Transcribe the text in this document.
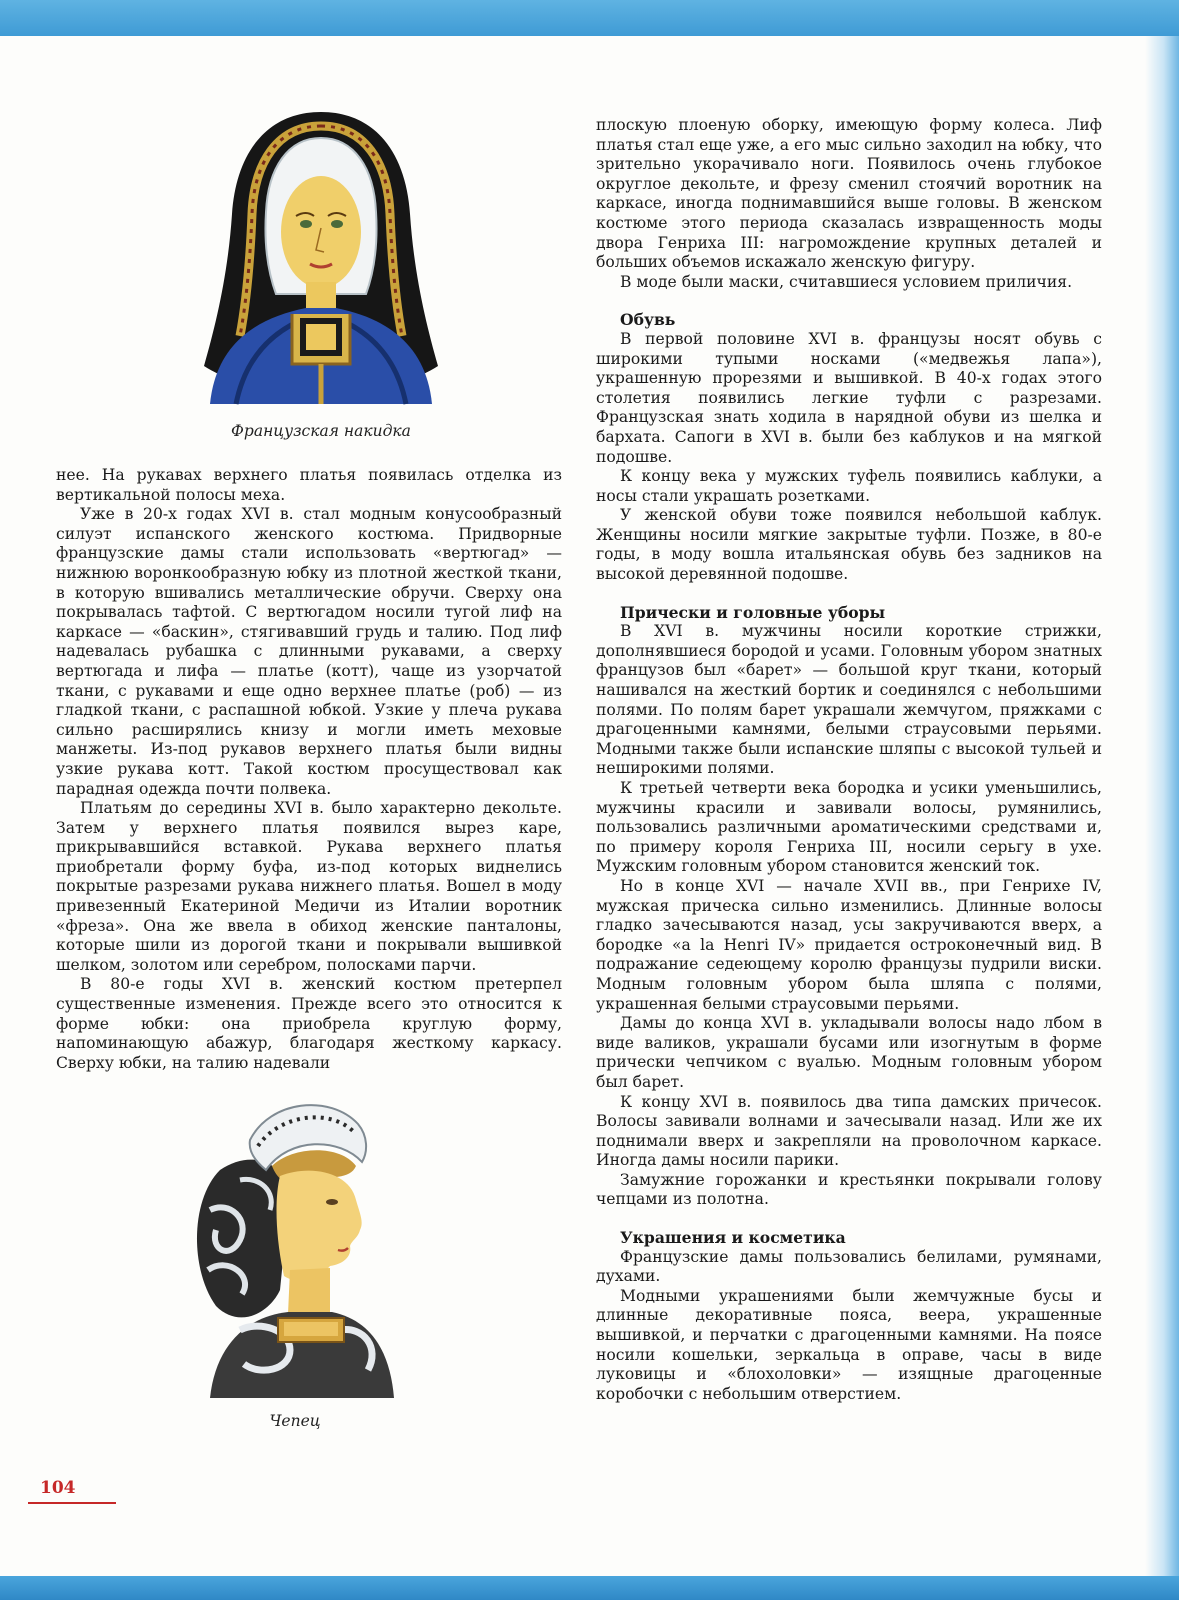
Французская накидка
Чепец

нее. На рукавах верхнего платья появилась отделка из вертикальной полосы меха.

Уже в 20-х годах XVI в. стал модным конусообразный силуэт испанского женского костюма. Придворные французские дамы стали использовать «вертюгад» — нижнюю воронкообразную юбку из плотной жесткой ткани, в которую вшивались металлические обручи. Сверху она покрывалась тафтой. С вертюгадом носили тугой лиф на каркасе — «баскин», стягивавший грудь и талию. Под лиф надевалась рубашка с длинными рукавами, а сверху вертюгада и лифа — платье (котт), чаще из узорчатой ткани, с рукавами и еще одно верхнее платье (роб) — из гладкой ткани, с распашной юбкой. Узкие у плеча рукава сильно расширялись книзу и могли иметь меховые манжеты. Из-под рукавов верхнего платья были видны узкие рукава котт. Такой костюм просуществовал как парадная одежда почти полвека.

Платьям до середины XVI в. было характерно декольте. Затем у верхнего платья появился вырез каре, прикрывавшийся вставкой. Рукава верхнего платья приобретали форму буфа, из-под которых виднелись покрытые разрезами рукава нижнего платья. Вошел в моду привезенный Екатериной Медичи из Италии воротник «фреза». Она же ввела в обиход женские панталоны, которые шили из дорогой ткани и покрывали вышивкой шелком, золотом или серебром, полосками парчи.

В 80-е годы XVI в. женский костюм претерпел существенные изменения. Прежде всего это относится к форме юбки: она приобрела круглую форму, напоминающую абажур, благодаря жесткому каркасу. Сверху юбки, на талию надевали

плоскую плоеную оборку, имеющую форму колеса. Лиф платья стал еще уже, а его мыс сильно заходил на юбку, что зрительно укорачивало ноги. Появилось очень глубокое округлое декольте, и фрезу сменил стоячий воротник на каркасе, иногда поднимавшийся выше головы. В женском костюме этого периода сказалась извращенность моды двора Генриха III: нагромождение крупных деталей и больших объемов искажало женскую фигуру.

В моде были маски, считавшиеся условием приличия.

Обувь

В первой половине XVI в. французы носят обувь с широкими тупыми носками («медвежья лапа»), украшенную прорезями и вышивкой. В 40-х годах этого столетия появились легкие туфли с разрезами. Французская знать ходила в нарядной обуви из шелка и бархата. Сапоги в XVI в. были без каблуков и на мягкой подошве.

К концу века у мужских туфель появились каблуки, а носы стали украшать розетками.

У женской обуви тоже появился небольшой каблук. Женщины носили мягкие закрытые туфли. Позже, в 80-е годы, в моду вошла итальянская обувь без задников на высокой деревянной подошве.

Прически и головные уборы

В XVI в. мужчины носили короткие стрижки, дополнявшиеся бородой и усами. Головным убором знатных французов был «барет» — большой круг ткани, который нашивался на жесткий бортик и соединялся с небольшими полями. По полям барет украшали жемчугом, пряжками с драгоценными камнями, белыми страусовыми перьями. Модными также были испанские шляпы с высокой тульей и неширокими полями.

К третьей четверти века бородка и усики уменьшились, мужчины красили и завивали волосы, румянились, пользовались различными ароматическими средствами и, по примеру короля Генриха III, носили серьгу в ухе. Мужским головным убором становится женский ток.

Но в конце XVI — начале XVII вв., при Генрихе IV, мужская прическа сильно изменились. Длинные волосы гладко зачесываются назад, усы закручиваются вверх, а бородке «a la Henri IV» придается остроконечный вид. В подражание седеющему королю французы пудрили виски. Модным головным убором была шляпа с полями, украшенная белыми страусовыми перьями.

Дамы до конца XVI в. укладывали волосы надо лбом в виде валиков, украшали бусами или изогнутым в форме прически чепчиком с вуалью. Модным головным убором был барет.

К концу XVI в. появилось два типа дамских причесок. Волосы завивали волнами и зачесывали назад. Или же их поднимали вверх и закрепляли на проволочном каркасе. Иногда дамы носили парики.

Замужние горожанки и крестьянки покрывали голову чепцами из полотна.

Украшения и косметика

Французские дамы пользовались белилами, румянами, духами.

Модными украшениями были жемчужные бусы и длинные декоративные пояса, веера, украшенные вышивкой, и перчатки с драгоценными камнями. На поясе носили кошельки, зеркальца в оправе, часы в виде луковицы и «блохоловки» — изящные драгоценные коробочки с небольшим отверстием.

104
